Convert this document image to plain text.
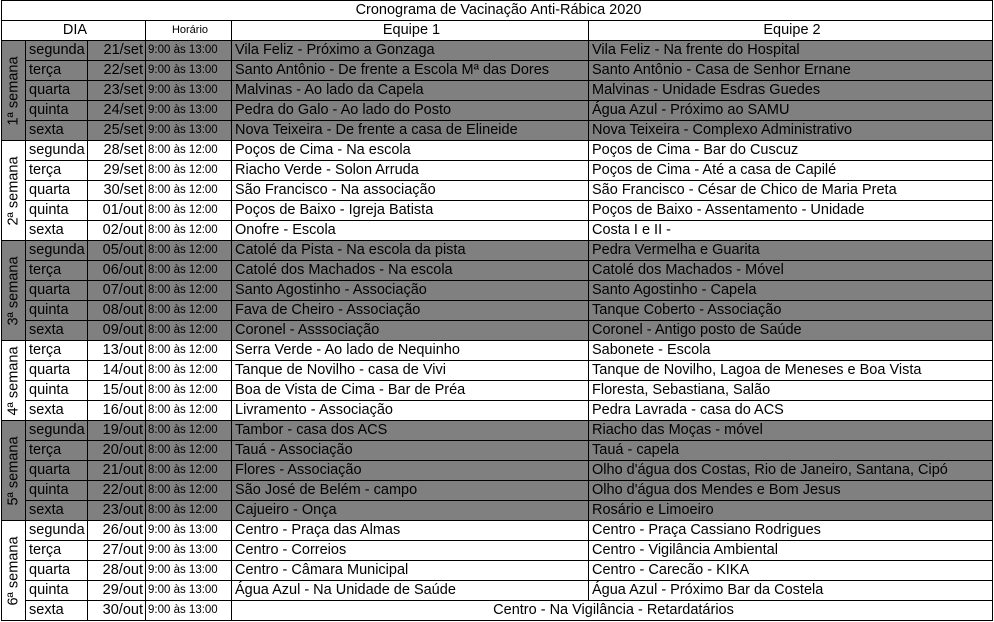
Cronograma de Vacinação Anti-Rábica 2020					
DIA			Horário	Equipe 1	Equipe 2

1ª semana	segunda	21/set	9:00 às 13:00	Vila Feliz - Próximo a Gonzaga	Vila Feliz - Na frente do Hospital
	terça	22/set	9:00 às 13:00	Santo Antônio - De frente a Escola Mª das Dores	Santo Antônio - Casa de Senhor Ernane
	quarta	23/set	9:00 às 13:00	Malvinas - Ao lado da Capela	Malvinas - Unidade Esdras Guedes
	quinta	24/set	9:00 às 13:00	Pedra do Galo - Ao lado do Posto	Água Azul - Próximo ao SAMU
	sexta	25/set	9:00 às 13:00	Nova Teixeira - De frente a casa de Elineide	Nova Teixeira - Complexo Administrativo

2ª semana	segunda	28/set	8:00 às 12:00	Poços de Cima - Na escola	Poços de Cima - Bar do Cuscuz
	terça	29/set	8:00 às 12:00	Riacho Verde - Solon Arruda	Poços de Cima - Até a casa de Capilé
	quarta	30/set	8:00 às 12:00	São Francisco - Na associação	São Francisco - César de Chico de Maria Preta
	quinta	01/out	8:00 às 12:00	Poços de Baixo - Igreja Batista	Poços de Baixo - Assentamento - Unidade
	sexta	02/out	8:00 às 12:00	Onofre - Escola	Costa I e II -

3ª semana	segunda	05/out	8:00 às 12:00	Catolé da Pista - Na escola da pista	Pedra Vermelha e Guarita
	terça	06/out	8:00 às 12:00	Catolé dos Machados - Na escola	Catolé dos Machados - Móvel
	quarta	07/out	8:00 às 12:00	Santo Agostinho - Associação	Santo Agostinho - Capela
	quinta	08/out	8:00 às 12:00	Fava de Cheiro - Associação	Tanque Coberto - Associação
	sexta	09/out	8:00 às 12:00	Coronel - Asssociação	Coronel - Antigo posto de Saúde

4ª semana	terça	13/out	8:00 às 12:00	Serra Verde - Ao lado de Nequinho	Sabonete - Escola
	quarta	14/out	8:00 às 12:00	Tanque de Novilho - casa de Vivi	Tanque de Novilho, Lagoa de Meneses e Boa Vista
	quinta	15/out	8:00 às 12:00	Boa de Vista de Cima - Bar de Préa	Floresta, Sebastiana, Salão
	sexta	16/out	8:00 às 12:00	Livramento - Associação	Pedra Lavrada - casa do ACS

5ª semana	segunda	19/out	8:00 às 12:00	Tambor - casa dos ACS	Riacho das Moças - móvel
	terça	20/out	8:00 às 12:00	Tauá - Associação	Tauá - capela
	quarta	21/out	8:00 às 12:00	Flores - Associação	Olho d'água dos Costas, Rio de Janeiro, Santana, Cipó
	quinta	22/out	8:00 às 12:00	São José de Belém - campo	Olho d'água dos Mendes e Bom Jesus
	sexta	23/out	8:00 às 12:00	Cajueiro - Onça	Rosário e Limoeiro

6ª semana	segunda	26/out	9:00 às 13:00	Centro - Praça das Almas	Centro - Praça Cassiano Rodrigues
	terça	27/out	9:00 às 13:00	Centro - Correios	Centro - Vigilância Ambiental
	quarta	28/out	9:00 às 13:00	Centro - Câmara Municipal	Centro - Carecão - KIKA
	quinta	29/out	9:00 às 13:00	Água Azul - Na Unidade de Saúde	Água Azul - Próximo Bar da Costela
	sexta	30/out	9:00 às 13:00	Centro - Na Vigilância - Retardatários	
